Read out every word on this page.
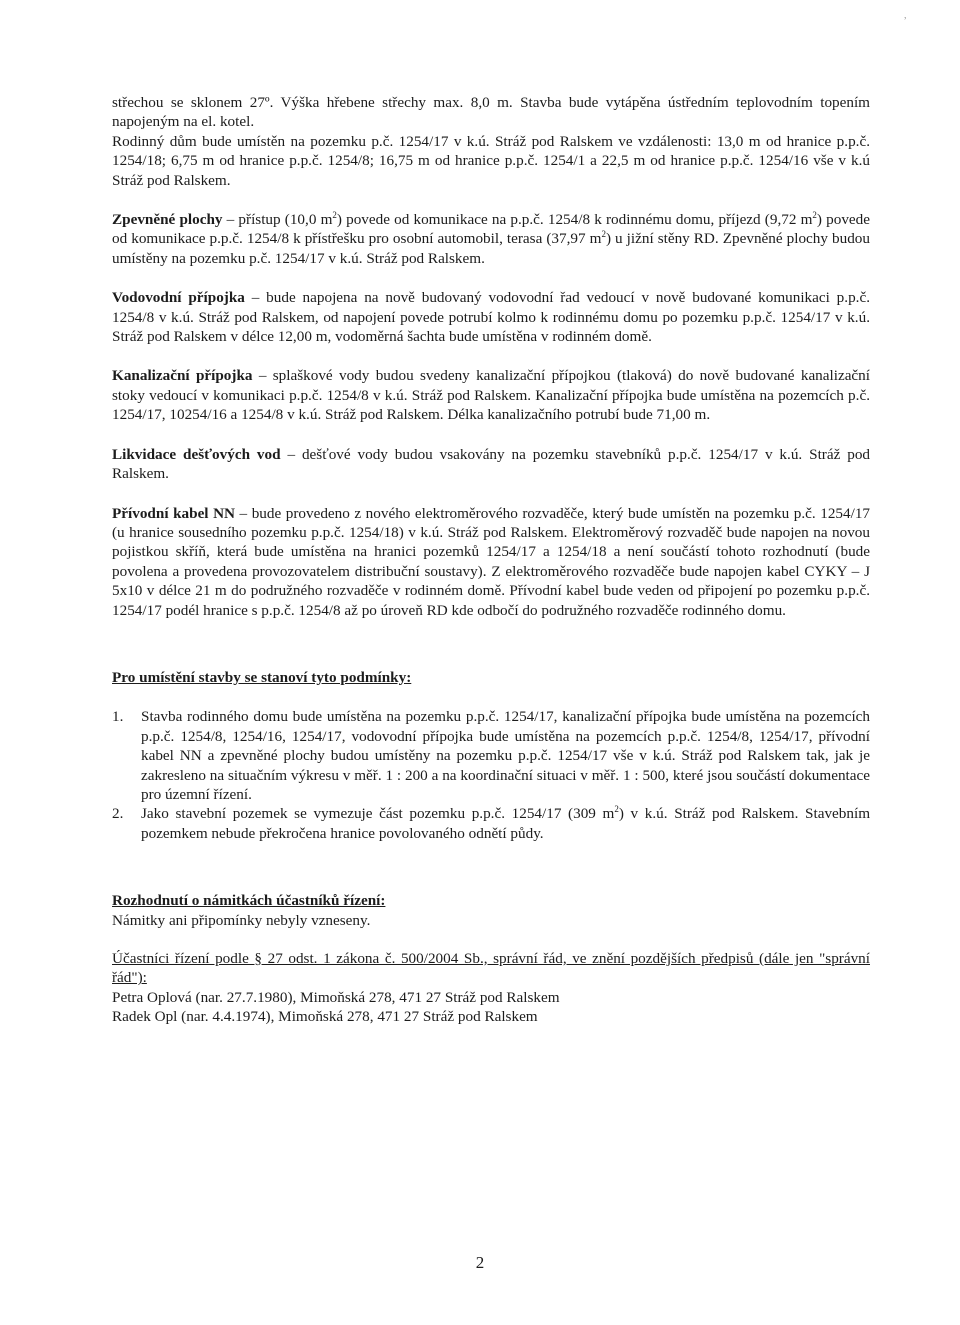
,

střechou se sklonem 27º. Výška hřebene střechy max. 8,0 m. Stavba bude vytápěna ústředním teplovodním topením napojeným na el. kotel.

Rodinný dům bude umístěn na pozemku p.č. 1254/17 v k.ú. Stráž pod Ralskem ve vzdálenosti: 13,0 m od hranice p.p.č. 1254/18; 6,75 m od hranice p.p.č. 1254/8; 16,75 m od hranice p.p.č. 1254/1 a 22,5 m od hranice p.p.č. 1254/16 vše v k.ú Stráž pod Ralskem.

Zpevněné plochy – přístup (10,0 $m^2$) povede od komunikace na p.p.č. 1254/8 k rodinnému domu, příjezd (9,72 $m^2$) povede od komunikace p.p.č. 1254/8 k přístřešku pro osobní automobil, terasa (37,97 $m^2$) u jižní stěny RD. Zpevněné plochy budou umístěny na pozemku p.č. 1254/17 v k.ú. Stráž pod Ralskem.

Vodovodní přípojka – bude napojena na nově budovaný vodovodní řad vedoucí v nově budované komunikaci p.p.č. 1254/8 v k.ú. Stráž pod Ralskem, od napojení povede potrubí kolmo k rodinnému domu po pozemku p.p.č. 1254/17 v k.ú. Stráž pod Ralskem v délce 12,00 m, vodoměrná šachta bude umístěna v rodinném domě.

Kanalizační přípojka – splaškové vody budou svedeny kanalizační přípojkou (tlaková) do nově budované kanalizační stoky vedoucí v komunikaci p.p.č. 1254/8 v k.ú. Stráž pod Ralskem. Kanalizační přípojka bude umístěna na pozemcích p.č. 1254/17, 10254/16 a 1254/8 v k.ú. Stráž pod Ralskem. Délka kanalizačního potrubí bude 71,00 m.

Likvidace dešťových vod – dešťové vody budou vsakovány na pozemku stavebníků p.p.č. 1254/17 v k.ú. Stráž pod Ralskem.

Přívodní kabel NN – bude provedeno z nového elektroměrového rozvaděče, který bude umístěn na pozemku p.č. 1254/17 (u hranice sousedního pozemku p.p.č. 1254/18) v k.ú. Stráž pod Ralskem. Elektroměrový rozvaděč bude napojen na novou pojistkou skříň, která bude umístěna na hranici pozemků 1254/17 a 1254/18 a není součástí tohoto rozhodnutí (bude povolena a provedena provozovatelem distribuční soustavy). Z elektroměrového rozvaděče bude napojen kabel CYKY – J 5x10 v délce 21 m do podružného rozvaděče v rodinném domě. Přívodní kabel bude veden od připojení po pozemku p.p.č. 1254/17 podél hranice s p.p.č. 1254/8 až po úroveň RD kde odbočí do podružného rozvaděče rodinného domu.

Pro umístění stavby se stanoví tyto podmínky:

1.	Stavba rodinného domu bude umístěna na pozemku p.p.č. 1254/17, kanalizační přípojka bude umístěna na pozemcích p.p.č. 1254/8, 1254/16, 1254/17, vodovodní přípojka bude umístěna na pozemcích p.p.č. 1254/8, 1254/17, přívodní kabel NN a zpevněné plochy budou umístěny na pozemku p.p.č. 1254/17 vše v k.ú. Stráž pod Ralskem tak, jak je zakresleno na situačním výkresu v měř. 1 : 200 a na koordinační situaci v měř. 1 : 500, které jsou součástí dokumentace pro územní řízení.
2.	Jako stavební pozemek se vymezuje část pozemku p.p.č. 1254/17 (309 $m^2$) v k.ú. Stráž pod Ralskem. Stavebním pozemkem nebude překročena hranice povolovaného odnětí půdy.

Rozhodnutí o námitkách účastníků řízení:

Námitky ani připomínky nebyly vzneseny.

Účastníci řízení podle § 27 odst. 1 zákona č. 500/2004 Sb., správní řád, ve znění pozdějších předpisů (dále jen "správní řád"):

Petra Oplová (nar. 27.7.1980), Mimoňská 278, 471 27 Stráž pod Ralskem

Radek Opl (nar. 4.4.1974), Mimoňská 278, 471 27 Stráž pod Ralskem

2
